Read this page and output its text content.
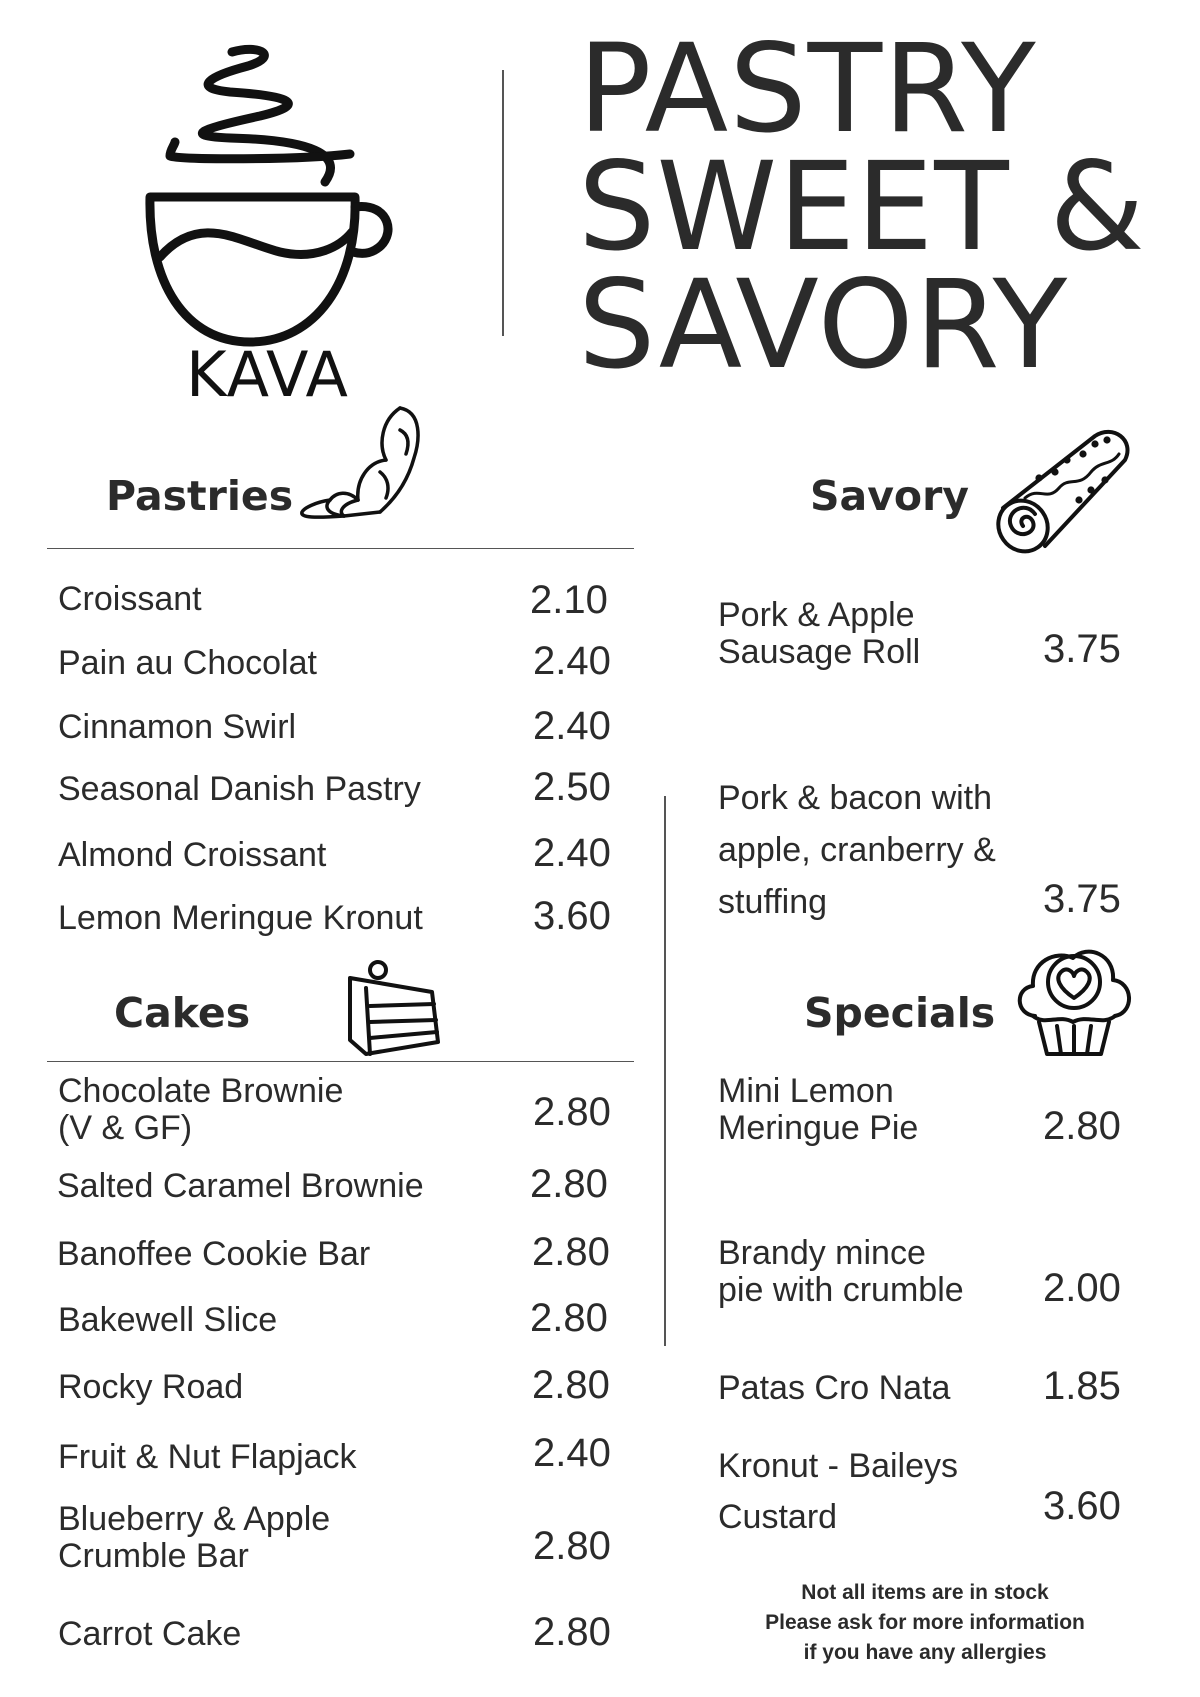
KAVA
PASTRY
SWEET &
SAVORY
Pastries
Croissant	2.10
Pain au Chocolat	2.40
Cinnamon Swirl	2.40
Seasonal Danish Pastry	2.50
Almond Croissant	2.40
Lemon Meringue Kronut	3.60
Cakes
Chocolate Brownie
(V & GF)	2.80
Salted Caramel Brownie	2.80
Banoffee Cookie Bar	2.80
Bakewell Slice	2.80
Rocky Road	2.80
Fruit & Nut Flapjack	2.40
Blueberry & Apple
Crumble Bar	2.80
Carrot Cake	2.80
Savory
Pork & Apple
Sausage Roll	3.75
Pork & bacon with
apple, cranberry &
stuffing	3.75
Specials
Mini Lemon
Meringue Pie	2.80
Brandy mince
pie with crumble 2.00
Patas Cro Nata 1.85
Kronut - Baileys
Custard	3.60
Not all items are in stock
Please ask for more information
if you have any allergies
